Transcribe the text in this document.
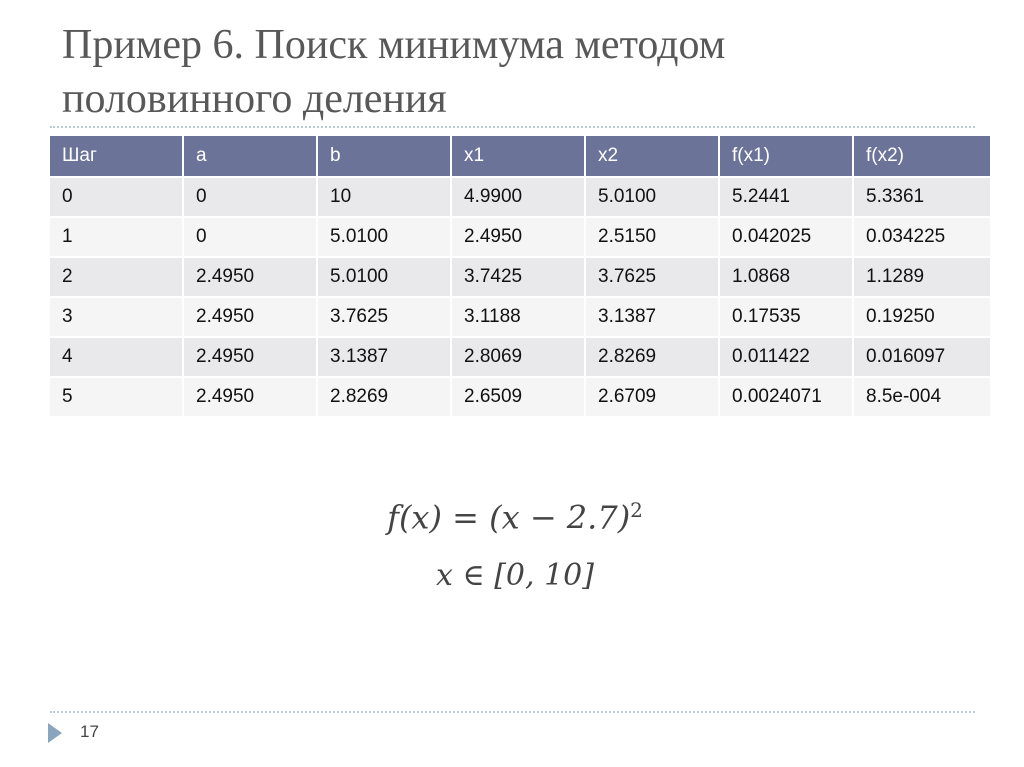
Пример 6. Поиск минимума методом половинного деления
Шаг	a	b	x1	x2	f(x1)	f(x2)
0	0	10	4.9900	5.0100	5.2441	5.3361
1	0	5.0100	2.4950	2.5150	0.042025	0.034225
2	2.4950	5.0100	3.7425	3.7625	1.0868	1.1289
3	2.4950	3.7625	3.1188	3.1387	0.17535	0.19250
4	2.4950	3.1387	2.8069	2.8269	0.011422	0.016097
5	2.4950	2.8269	2.6509	2.6709	0.0024071	8.5e-004
$f(x) = (x - 2.7)^2$
x ∈ [0, 10]
17
